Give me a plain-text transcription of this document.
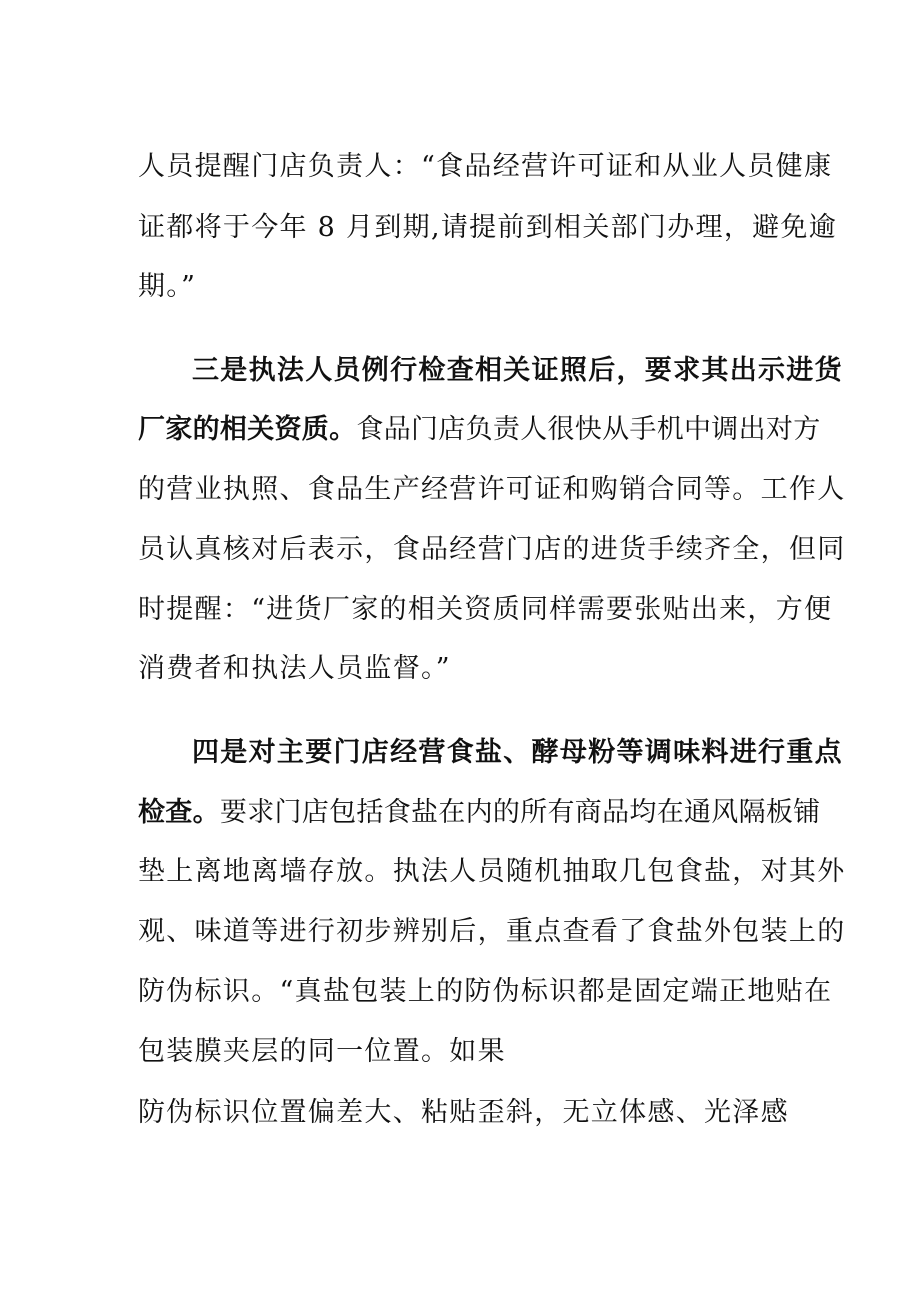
人员提醒门店负责人：“食品经营许可证和从业人员健康
证都将于今年 8 月到期,请提前到相关部门办理，避免逾
期。”
三是执法人员例行检查相关证照后，要求其出示进货
厂家的相关资质。食品门店负责人很快从手机中调出对方
的营业执照、食品生产经营许可证和购销合同等。工作人
员认真核对后表示，食品经营门店的进货手续齐全，但同
时提醒：“进货厂家的相关资质同样需要张贴出来，方便
消费者和执法人员监督。”
四是对主要门店经营食盐、酵母粉等调味料进行重点
检查。要求门店包括食盐在内的所有商品均在通风隔板铺
垫上离地离墙存放。执法人员随机抽取几包食盐，对其外
观、味道等进行初步辨别后，重点查看了食盐外包装上的
防伪标识。“真盐包装上的防伪标识都是固定端正地贴在
包装膜夹层的同一位置。如果
防伪标识位置偏差大、粘贴歪斜，无立体感、光泽感
